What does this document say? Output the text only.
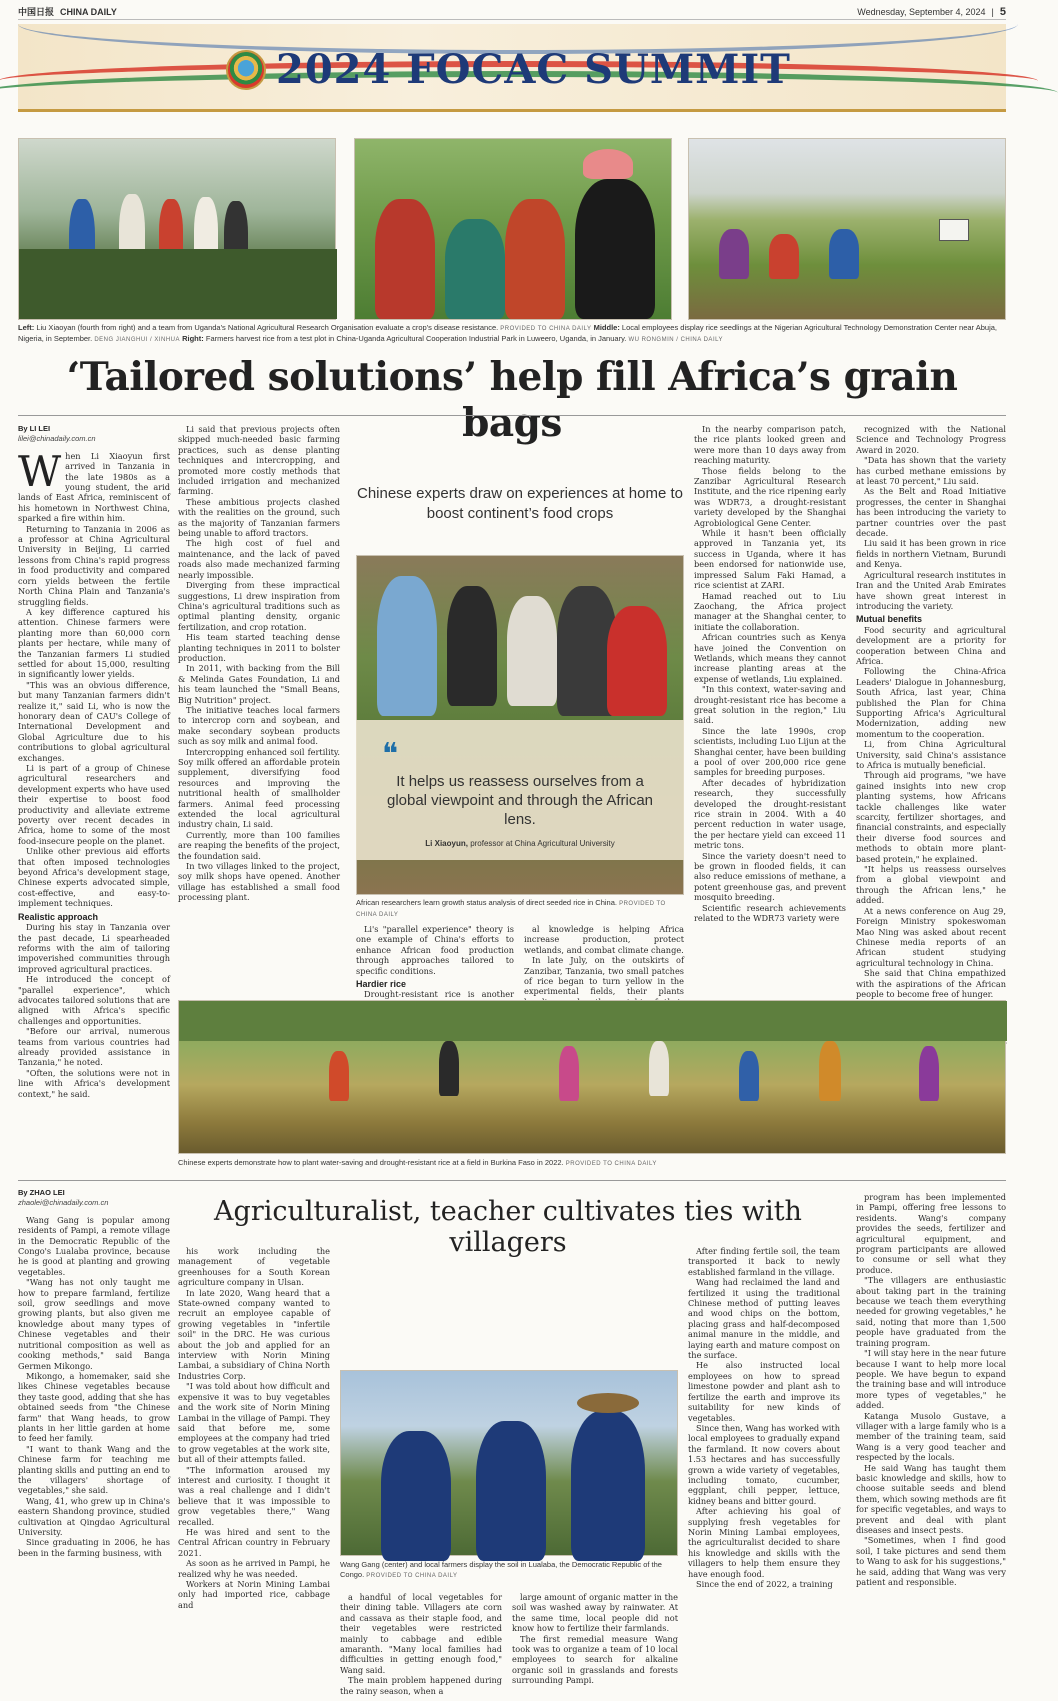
中国日报 CHINA DAILY	Wednesday, September 4, 2024 | 5
2024 FOCAC SUMMIT
Left: Liu Xiaoyan (fourth from right) and a team from Uganda's National Agricultural Research Organisation evaluate a crop's disease resistance. PROVIDED TO CHINA DAILY Middle: Local employees display rice seedlings at the Nigerian Agricultural Technology Demonstration Center near Abuja, Nigeria, in September. DENG JIANGHUI / XINHUA Right: Farmers harvest rice from a test plot in China-Uganda Agricultural Cooperation Industrial Park in Luweero, Uganda, in January. WU RONGMIN / CHINA DAILY
‘Tailored solutions’ help fill Africa’s grain bags
By LI LEI
lilei@chinadaily.com.cn

When Li Xiaoyun first arrived in Tanzania in the late 1980s as a young student, the arid lands of East Africa, reminiscent of his hometown in Northwest China, sparked a fire within him.

Returning to Tanzania in 2006 as a professor at China Agricultural University in Beijing, Li carried lessons from China's rapid progress in food productivity and compared corn yields between the fertile North China Plain and Tanzania's struggling fields.

A key difference captured his attention. Chinese farmers were planting more than 60,000 corn plants per hectare, while many of the Tanzanian farmers Li studied settled for about 15,000, resulting in significantly lower yields.

"This was an obvious difference, but many Tanzanian farmers didn't realize it," said Li, who is now the honorary dean of CAU's College of International Development and Global Agriculture due to his contributions to global agricultural exchanges.

Li is part of a group of Chinese agricultural researchers and development experts who have used their expertise to boost food productivity and alleviate extreme poverty over recent decades in Africa, home to some of the most food-insecure people on the planet.

Unlike other previous aid efforts that often imposed technologies beyond Africa's development stage, Chinese experts advocated simple, cost-effective, and easy-to-implement techniques.

Realistic approach

During his stay in Tanzania over the past decade, Li spearheaded reforms with the aim of tailoring impoverished communities through improved agricultural practices.

He introduced the concept of "parallel experience", which advocates tailored solutions that are aligned with Africa's specific challenges and opportunities.

"Before our arrival, numerous teams from various countries had already provided assistance in Tanzania," he noted.

"Often, the solutions were not in line with Africa's development context," he said.

Li said that previous projects often skipped much-needed basic farming practices, such as dense planting techniques and intercropping, and promoted more costly methods that included irrigation and mechanized farming.

These ambitious projects clashed with the realities on the ground, such as the majority of Tanzanian farmers being unable to afford tractors.

The high cost of fuel and maintenance, and the lack of paved roads also made mechanized farming nearly impossible.

Diverging from these impractical suggestions, Li drew inspiration from China's agricultural traditions such as optimal planting density, organic fertilization, and crop rotation.

His team started teaching dense planting techniques in 2011 to bolster production.

In 2011, with backing from the Bill & Melinda Gates Foundation, Li and his team launched the "Small Beans, Big Nutrition" project.

The initiative teaches local farmers to intercrop corn and soybean, and make secondary soybean products such as soy milk and animal food.

Intercropping enhanced soil fertility. Soy milk offered an affordable protein supplement, diversifying food resources and improving the nutritional health of smallholder farmers. Animal feed processing extended the local agricultural industry chain, Li said.

Currently, more than 100 families are reaping the benefits of the project, the foundation said.

In two villages linked to the project, soy milk shops have opened. Another village has established a small food processing plant.

Chinese experts draw on experiences at home to boost continent’s food crops
❝
It helps us reassess ourselves from a global viewpoint and through the African lens.
Li Xiaoyun, professor at China Agricultural University
African researchers learn growth status analysis of direct seeded rice in China. PROVIDED TO CHINA DAILY

Li's "parallel experience" theory is one example of China's efforts to enhance African food production through approaches tailored to specific conditions.

Hardier rice

Drought-resistant rice is another

al knowledge is helping Africa increase production, protect wetlands, and combat climate change.

In late July, on the outskirts of Zanzibar, Tanzania, two small patches of rice began to turn yellow in the experimental fields, their plants

In the nearby comparison patch, the rice plants looked green and were more than 10 days away from reaching maturity.

Those fields belong to the Zanzibar Agricultural Research Institute, and the rice ripening early was WDR73, a drought-resistant variety developed by the Shanghai Agrobiological Gene Center.

While it hasn't been officially approved in Tanzania yet, its success in Uganda, where it has been endorsed for nationwide use, impressed Salum Faki Hamad, a rice scientist at ZARI.

Hamad reached out to Liu Zaochang, the Africa project manager at the Shanghai center, to initiate the collaboration.

African countries such as Kenya have joined the Convention on Wetlands, which means they cannot increase planting areas at the expense of wetlands, Liu explained.

"In this context, water-saving and drought-resistant rice has become a great solution in the region," Liu said.

Since the late 1990s, crop scientists, including Luo Lijun at the Shanghai center, have been building a pool of over 200,000 rice gene samples for breeding purposes.

After decades of hybridization research, they successfully developed the drought-resistant rice strain in 2004. With a 40 percent reduction in water usage, the per hectare yield can exceed 11 metric tons.

Since the variety doesn't need to be grown in flooded fields, it can also reduce emissions of methane, a potent greenhouse gas, and prevent mosquito breeding.

Scientific research achievements related to the WDR73 variety were

recognized with the National Science and Technology Progress Award in 2020.

"Data has shown that the variety has curbed methane emissions by at least 70 percent," Liu said.

As the Belt and Road Initiative progresses, the center in Shanghai has been introducing the variety to partner countries over the past decade.

Liu said it has been grown in rice fields in northern Vietnam, Burundi and Kenya.

Agricultural research institutes in Iran and the United Arab Emirates have shown great interest in introducing the variety.

Mutual benefits

Food security and agricultural development are a priority for cooperation between China and Africa.

Following the China-Africa Leaders' Dialogue in Johannesburg, South Africa, last year, China published the Plan for China Supporting Africa's Agricultural Modernization, adding new momentum to the cooperation.

Li, from China Agricultural University, said China's assistance to Africa is mutually beneficial.

Through aid programs, "we have gained insights into new crop planting systems, how Africans tackle challenges like water scarcity, fertilizer shortages, and financial constraints, and especially their diverse food sources and methods to obtain more plant-based protein," he explained.

"It helps us reassess ourselves from a global viewpoint and through the African lens," he added.

At a news conference on Aug 29, Foreign Ministry spokeswoman Mao Ning was asked about recent Chinese media reports of an African student studying agricultural technology in China.

She said that China empathized with the aspirations of the African people to become free of hunger.

Chinese experts demonstrate how to plant water-saving and drought-resistant rice at a field in Burkina Faso in 2022. PROVIDED TO CHINA DAILY
Agriculturalist, teacher cultivates ties with villagers
By ZHAO LEI
zhaolei@chinadaily.com.cn

Wang Gang is popular among residents of Pampi, a remote village in the Democratic Republic of the Congo's Lualaba province, because he is good at planting and growing vegetables.

"Wang has not only taught me how to prepare farmland, fertilize soil, grow seedlings and move growing plants, but also given me knowledge about many types of Chinese vegetables and their nutritional composition as well as cooking methods," said Banga Germen Mikongo.

Mikongo, a homemaker, said she likes Chinese vegetables because they taste good, adding that she has obtained seeds from "the Chinese farm" that Wang heads, to grow plants in her little garden at home to feed her family.

"I want to thank Wang and the Chinese farm for teaching me planting skills and putting an end to the villagers' shortage of vegetables," she said.

Wang, 41, who grew up in China's eastern Shandong province, studied cultivation at Qingdao Agricultural University.

Since graduating in 2006, he has been in the farming business, with

his work including the management of vegetable greenhouses for a South Korean agriculture company in Ulsan.

In late 2020, Wang heard that a State-owned company wanted to recruit an employee capable of growing vegetables in "infertile soil" in the DRC. He was curious about the job and applied for an interview with Norin Mining Lambai, a subsidiary of China North Industries Corp.

"I was told about how difficult and expensive it was to buy vegetables and the work site of Norin Mining Lambai in the village of Pampi. They said that before me, some employees at the company had tried to grow vegetables at the work site, but all of their attempts failed.

"The information aroused my interest and curiosity. I thought it was a real challenge and I didn't believe that it was impossible to grow vegetables there," Wang recalled.

He was hired and sent to the Central African country in February 2021.

As soon as he arrived in Pampi, he realized why he was needed.

Workers at Norin Mining Lambai only had imported rice, cabbage and

Wang Gang (center) and local farmers display the soil in Lualaba, the Democratic Republic of the Congo. PROVIDED TO CHINA DAILY

a handful of local vegetables for their dining table. Villagers ate corn and cassava as their staple food, and their vegetables were restricted mainly to cabbage and edible amaranth. "Many local families had difficulties in getting enough food," Wang said.

The main problem happened during the rainy season, when a

large amount of organic matter in the soil was washed away by rainwater. At the same time, local people did not know how to fertilize their farmlands.

The first remedial measure Wang took was to organize a team of 10 local employees to search for alkaline organic soil in grasslands and forests surrounding Pampi.

After finding fertile soil, the team transported it back to newly established farmland in the village.

Wang had reclaimed the land and fertilized it using the traditional Chinese method of putting leaves and wood chips on the bottom, placing grass and half-decomposed animal manure in the middle, and laying earth and mature compost on the surface.

He also instructed local employees on how to spread limestone powder and plant ash to fertilize the earth and improve its suitability for new kinds of vegetables.

Since then, Wang has worked with local employees to gradually expand the farmland. It now covers about 1.53 hectares and has successfully grown a wide variety of vegetables, including tomato, cucumber, eggplant, chili pepper, lettuce, kidney beans and bitter gourd.

After achieving his goal of supplying fresh vegetables for Norin Mining Lambai employees, the agriculturalist decided to share his knowledge and skills with the villagers to help them ensure they have enough food.

Since the end of 2022, a training

program has been implemented in Pampi, offering free lessons to residents. Wang's company provides the seeds, fertilizer and agricultural equipment, and program participants are allowed to consume or sell what they produce.

"The villagers are enthusiastic about taking part in the training because we teach them everything needed for growing vegetables," he said, noting that more than 1,500 people have graduated from the training program.

"I will stay here in the near future because I want to help more local people. We have begun to expand the training base and will introduce more types of vegetables," he added.

Katanga Musolo Gustave, a villager with a large family who is a member of the training team, said Wang is a very good teacher and respected by the locals.

He said Wang has taught them basic knowledge and skills, how to choose suitable seeds and blend them, which sowing methods are fit for specific vegetables, and ways to prevent and deal with plant diseases and insect pests.

"Sometimes, when I find good soil, I take pictures and send them to Wang to ask for his suggestions," he said, adding that Wang was very patient and responsible.
